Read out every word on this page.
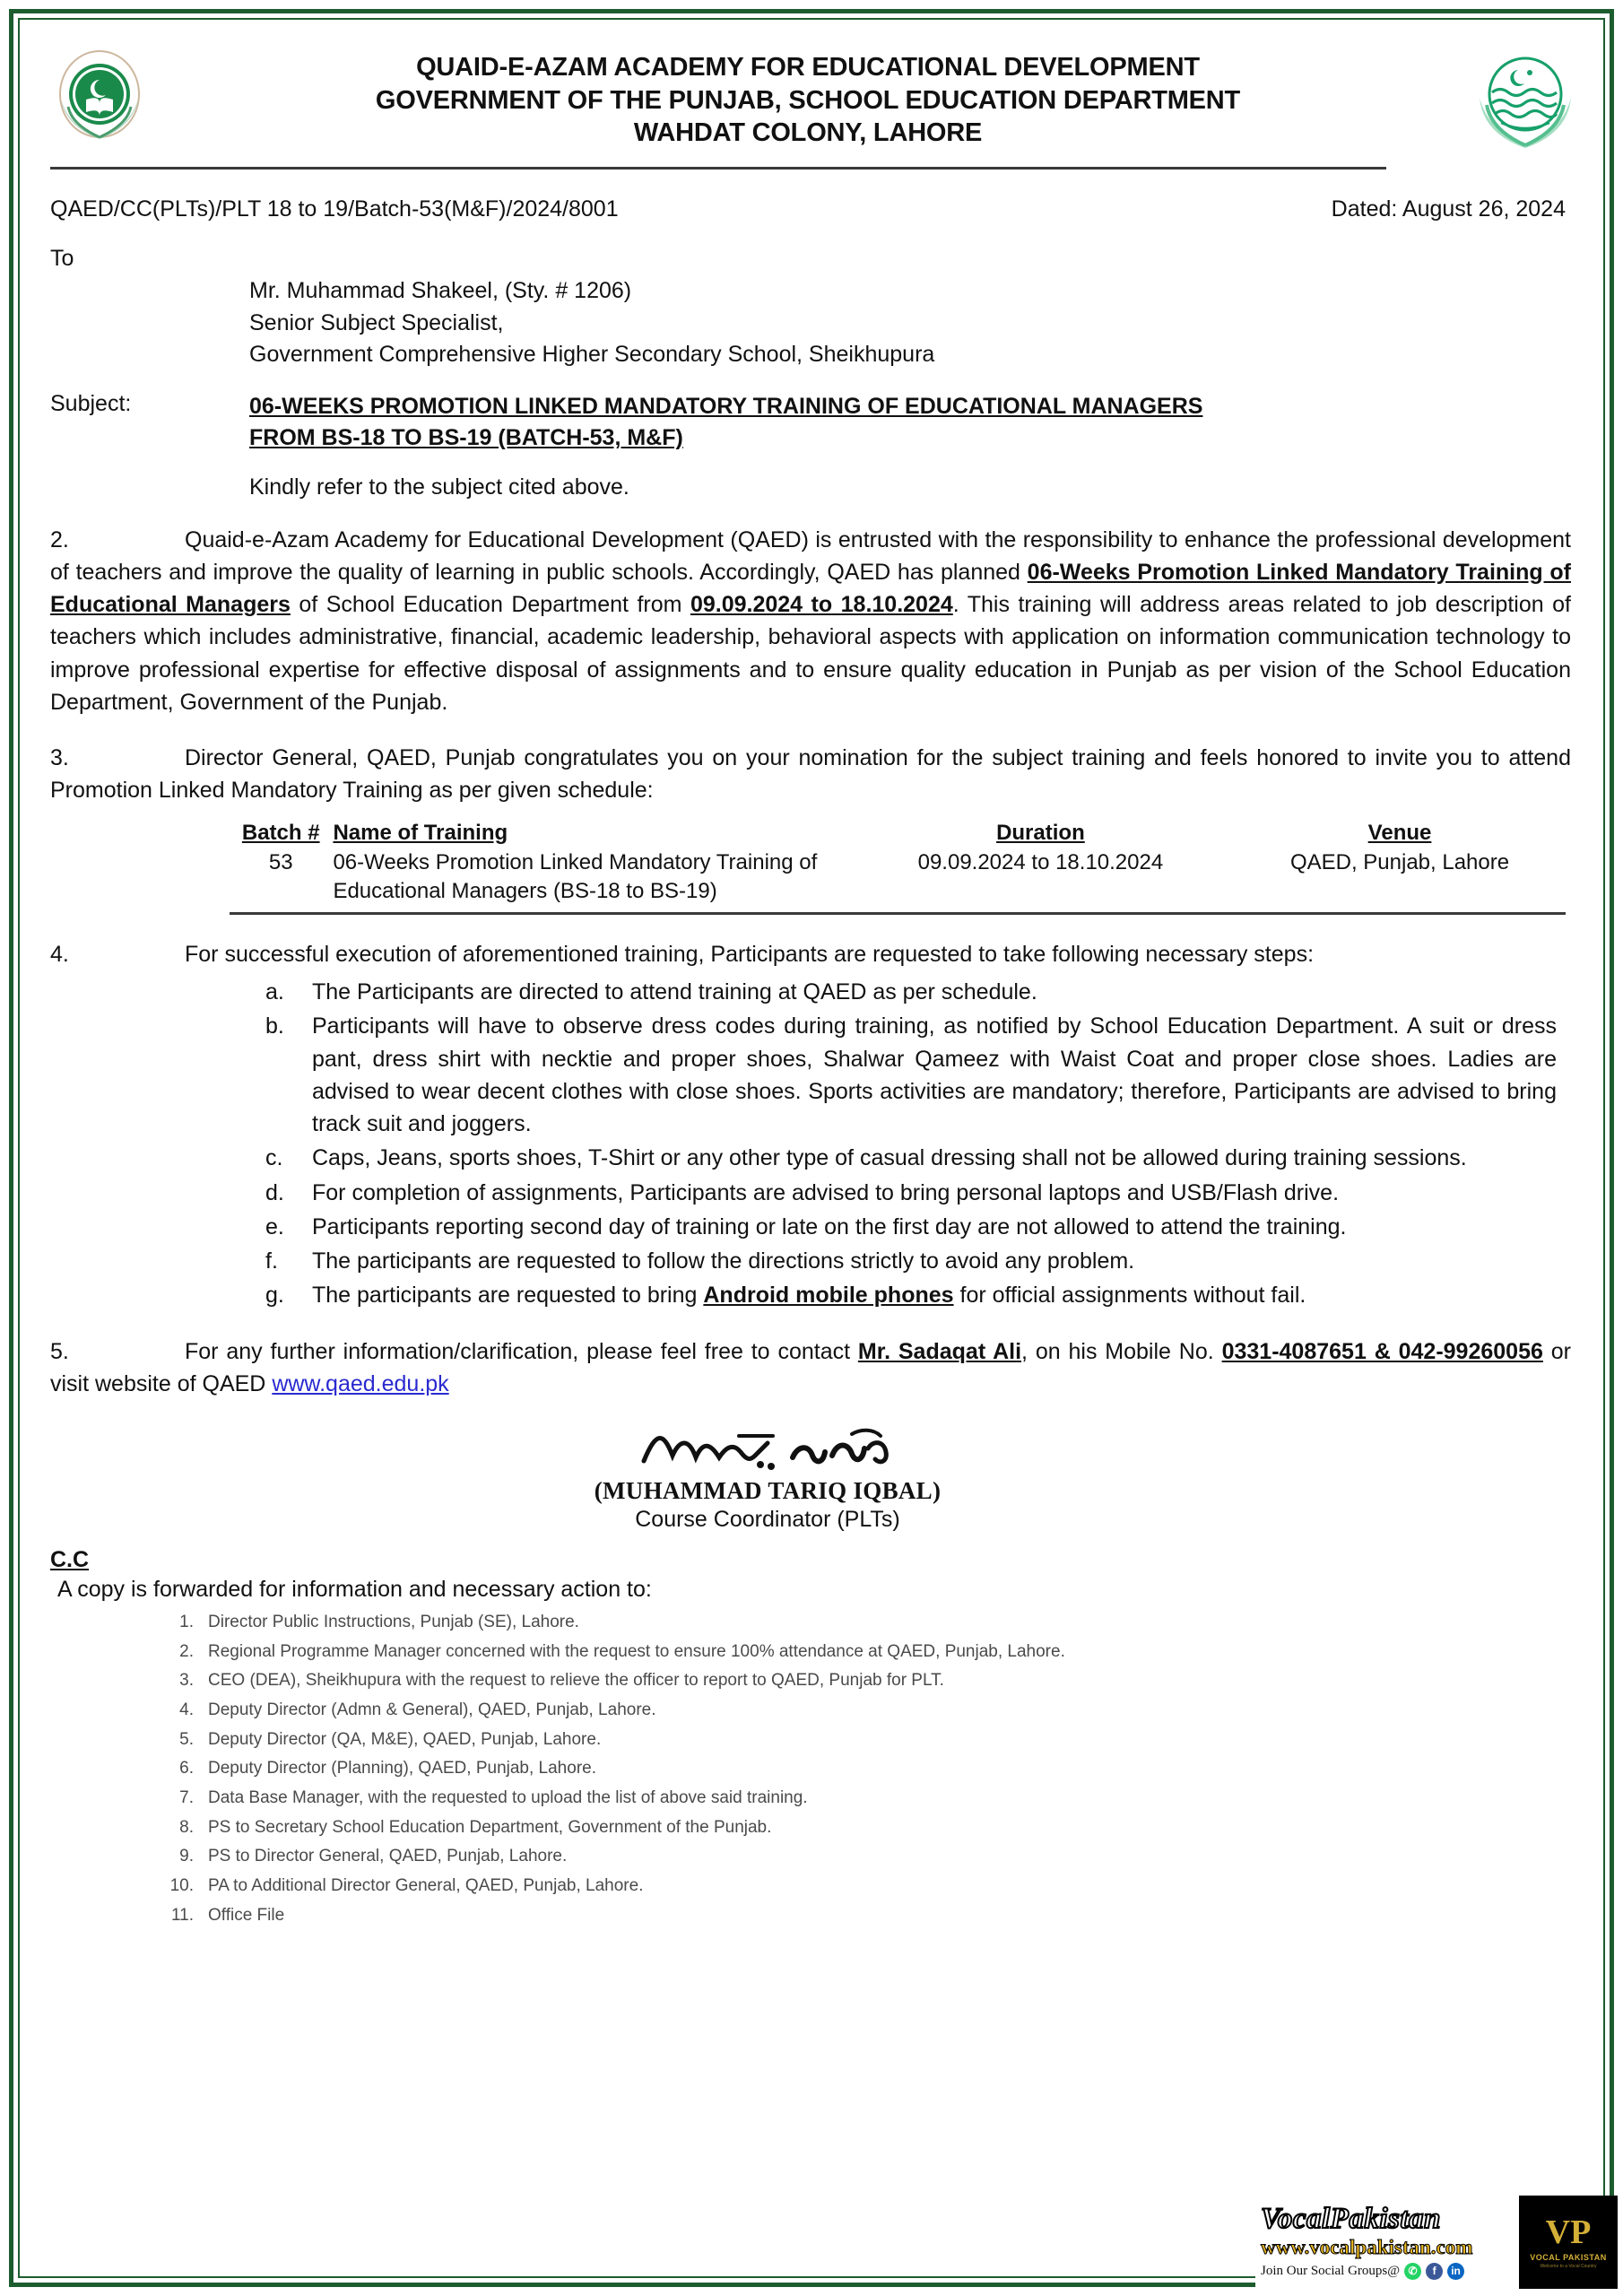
QUAID-E-AZAM ACADEMY FOR EDUCATIONAL DEVELOPMENT
GOVERNMENT OF THE PUNJAB, SCHOOL EDUCATION DEPARTMENT
WAHDAT COLONY, LAHORE
QAED/CC(PLTs)/PLT 18 to 19/Batch-53(M&F)/2024/8001	Dated: August 26, 2024
To
Mr. Muhammad Shakeel, (Sty. # 1206)
Senior Subject Specialist,
Government Comprehensive Higher Secondary School, Sheikhupura
Subject:	06-WEEKS PROMOTION LINKED MANDATORY TRAINING OF EDUCATIONAL MANAGERS
FROM BS-18 TO BS-19 (BATCH-53, M&F)
Kindly refer to the subject cited above.

2.	Quaid-e-Azam Academy for Educational Development (QAED) is entrusted with the responsibility to enhance the professional development of teachers and improve the quality of learning in public schools. Accordingly, QAED has planned 06-Weeks Promotion Linked Mandatory Training of Educational Managers of School Education Department from 09.09.2024 to 18.10.2024. This training will address areas related to job description of teachers which includes administrative, financial, academic leadership, behavioral aspects with application on information communication technology to improve professional expertise for effective disposal of assignments and to ensure quality education in Punjab as per vision of the School Education Department, Government of the Punjab.

3.	Director General, QAED, Punjab congratulates you on your nomination for the subject training and feels honored to invite you to attend Promotion Linked Mandatory Training as per given schedule:

Batch #	Name of Training	Duration	Venue
53	06-Weeks Promotion Linked Mandatory Training of Educational Managers (BS-18 to BS-19)	09.09.2024 to 18.10.2024	QAED, Punjab, Lahore

4.	For successful execution of aforementioned training, Participants are requested to take following necessary steps:

a. The Participants are directed to attend training at QAED as per schedule.
b. Participants will have to observe dress codes during training, as notified by School Education Department. A suit or dress pant, dress shirt with necktie and proper shoes, Shalwar Qameez with Waist Coat and proper close shoes. Ladies are advised to wear decent clothes with close shoes. Sports activities are mandatory; therefore, Participants are advised to bring track suit and joggers.
c. Caps, Jeans, sports shoes, T-Shirt or any other type of casual dressing shall not be allowed during training sessions.
d. For completion of assignments, Participants are advised to bring personal laptops and USB/Flash drive.
e. Participants reporting second day of training or late on the first day are not allowed to attend the training.
f. The participants are requested to follow the directions strictly to avoid any problem.
g. The participants are requested to bring Android mobile phones for official assignments without fail.

5.	For any further information/clarification, please feel free to contact Mr. Sadaqat Ali, on his Mobile No. 0331-4087651 & 042-99260056 or visit website of QAED www.qaed.edu.pk

(MUHAMMAD TARIQ IQBAL)
Course Coordinator (PLTs)
C.C
A copy is forwarded for information and necessary action to:
1. Director Public Instructions, Punjab (SE), Lahore.
2. Regional Programme Manager concerned with the request to ensure 100% attendance at QAED, Punjab, Lahore.
3. CEO (DEA), Sheikhupura with the request to relieve the officer to report to QAED, Punjab for PLT.
4. Deputy Director (Admn & General), QAED, Punjab, Lahore.
5. Deputy Director (QA, M&E), QAED, Punjab, Lahore.
6. Deputy Director (Planning), QAED, Punjab, Lahore.
7. Data Base Manager, with the requested to upload the list of above said training.
8. PS to Secretary School Education Department, Government of the Punjab.
9. PS to Director General, QAED, Punjab, Lahore.
10. PA to Additional Director General, QAED, Punjab, Lahore.
11. Office File
VocalPakistan
www.vocalpakistan.com
Join Our Social Groups@ ✆	f	in
VP
VOCAL PAKISTAN
Welcome to a Vocal Country
